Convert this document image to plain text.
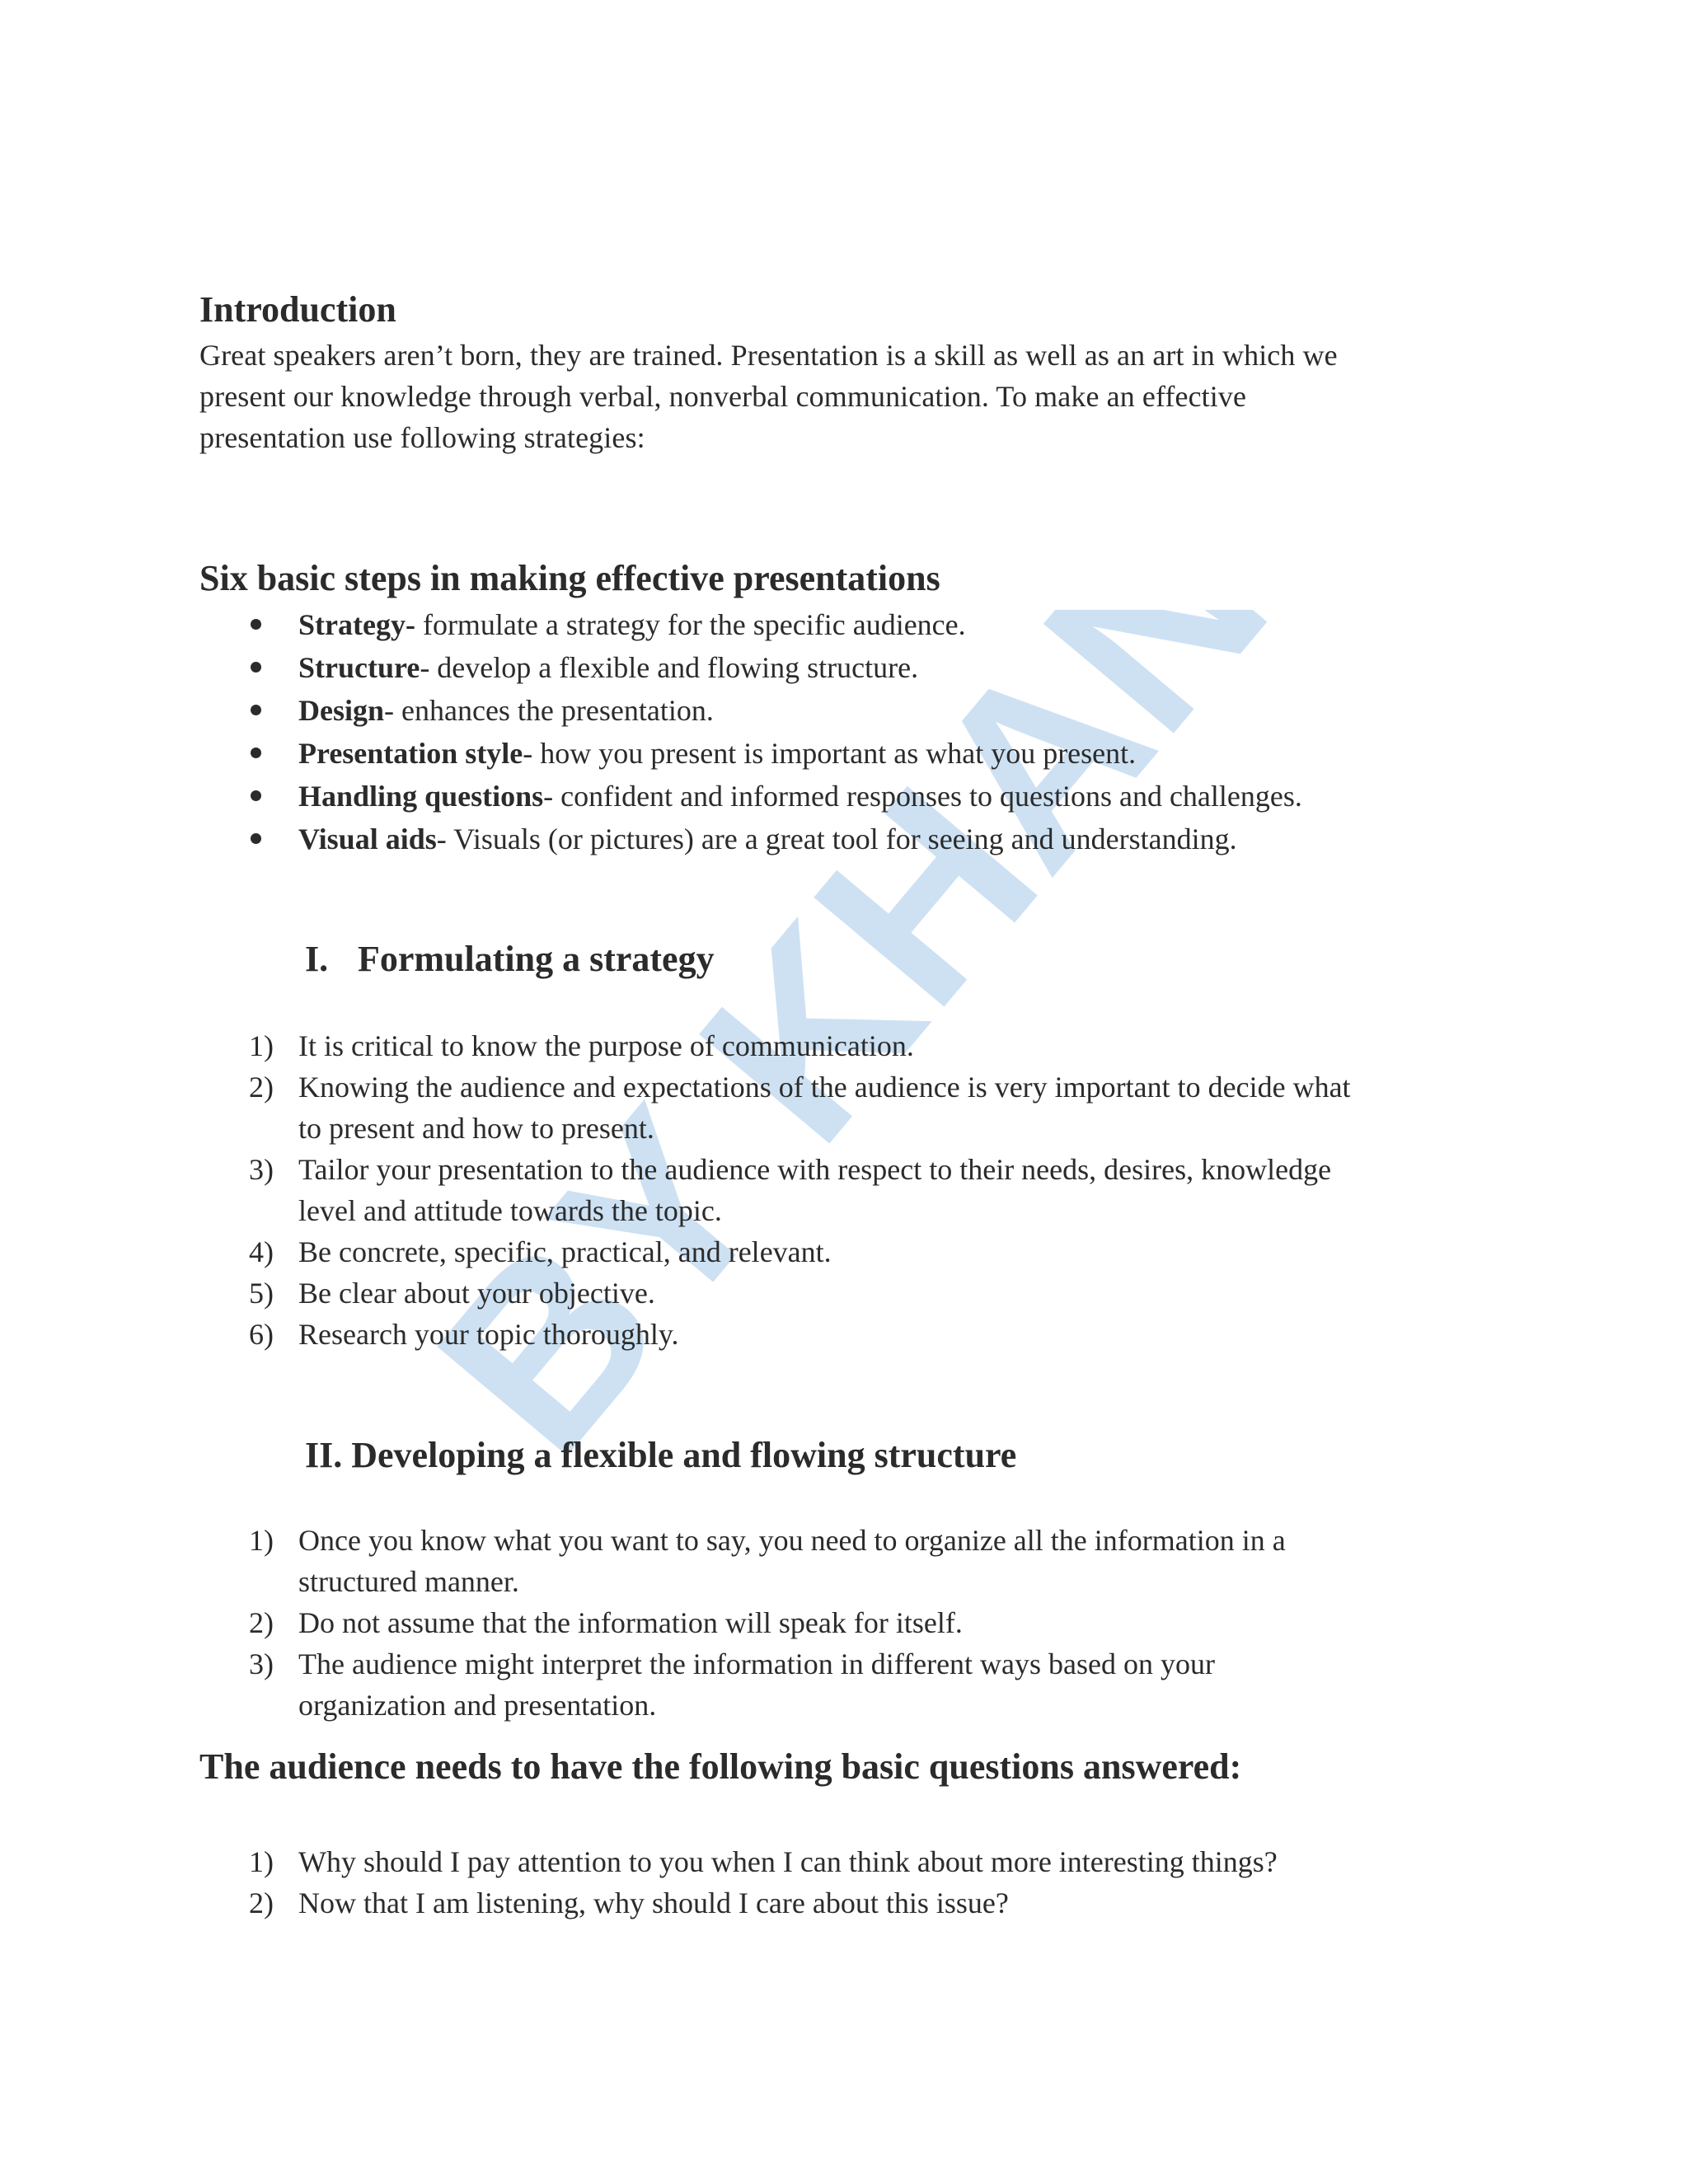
BY KHAN
Introduction

Great speakers aren’t born, they are trained. Presentation is a skill as well as an art in which we
present our knowledge through verbal, nonverbal communication. To make an effective
presentation use following strategies:

Six basic steps in making effective presentations
Strategy- formulate a strategy for the specific audience.
Structure- develop a flexible and flowing structure.
Design- enhances the presentation.
Presentation style- how you present is important as what you present.
Handling questions- confident and informed responses to questions and challenges.
Visual aids- Visuals (or pictures) are a great tool for seeing and understanding.
I. Formulating a strategy
1) It is critical to know the purpose of communication.
2) Knowing the audience and expectations of the audience is very important to decide what
to present and how to present.
3) Tailor your presentation to the audience with respect to their needs, desires, knowledge
level and attitude towards the topic.
4) Be concrete, specific, practical, and relevant.
5) Be clear about your objective.
6) Research your topic thoroughly.
II. Developing a flexible and flowing structure
1) Once you know what you want to say, you need to organize all the information in a
structured manner.
2) Do not assume that the information will speak for itself.
3) The audience might interpret the information in different ways based on your
organization and presentation.
The audience needs to have the following basic questions answered:
1) Why should I pay attention to you when I can think about more interesting things?
2) Now that I am listening, why should I care about this issue?
